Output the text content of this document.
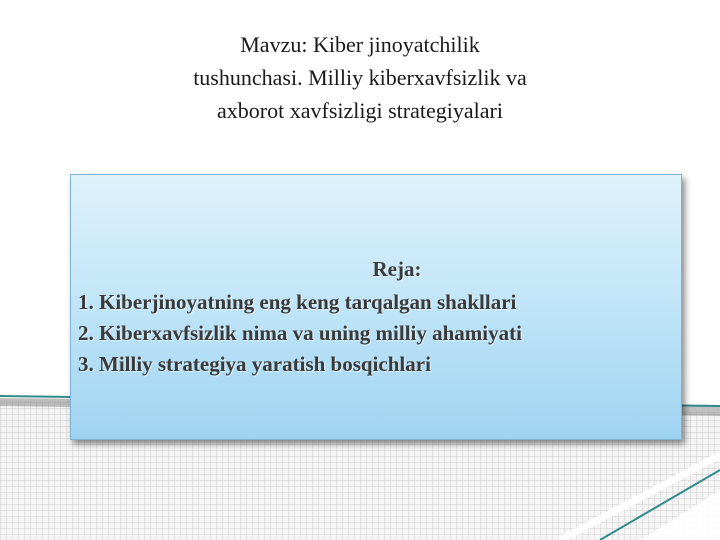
Mavzu: Kiber jinoyatchilik
tushunchasi. Milliy kiberxavfsizlik va
axborot xavfsizligi strategiyalari
Reja:
1. Kiberjinoyatning eng keng tarqalgan shakllari
2. Kiberxavfsizlik nima va uning milliy ahamiyati
3. Milliy strategiya yaratish bosqichlari
